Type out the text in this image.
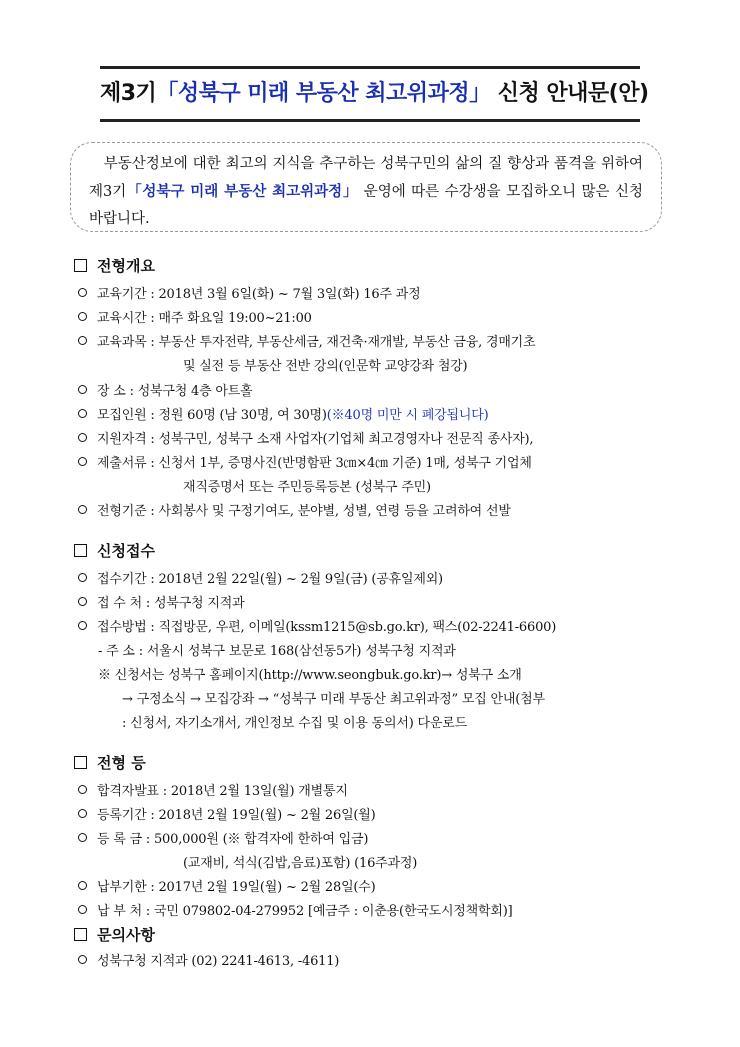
제3기「성북구 미래 부동산 최고위과정」 신청 안내문(안)
부동산정보에 대한 최고의 지식을 추구하는 성북구민의 삶의 질 향상과 품격을 위하여 제3기「성북구 미래 부동산 최고위과정」 운영에 따른 수강생을 모집하오니 많은 신청바랍니다.
전형개요
교육기간 : 2018년 3월 6일(화) ~ 7월 3일(화) 16주 과정
교육시간 : 매주 화요일 19:00~21:00
교육과목 : 부동산 투자전략, 부동산세금, 재건축·재개발, 부동산 금융, 경매기초
및 실전 등 부동산 전반 강의(인문학 교양강좌 첨강)
장 소 : 성북구청 4층 아트홀
모집인원 : 정원 60명 (남 30명, 여 30명)(※40명 미만 시 폐강됩니다)
지원자격 : 성북구민, 성북구 소재 사업자(기업체 최고경영자나 전문직 종사자),
제출서류 : 신청서 1부, 증명사진(반명함판 3㎝×4㎝ 기준) 1매, 성북구 기업체
재직증명서 또는 주민등록등본 (성북구 주민)
전형기준 : 사회봉사 및 구정기여도, 분야별, 성별, 연령 등을 고려하여 선발
신청접수
접수기간 : 2018년 2월 22일(월) ~ 2월 9일(금) (공휴일제외)
접 수 처 : 성북구청 지적과
접수방법 : 직접방문, 우편, 이메일(kssm1215@sb.go.kr), 팩스(02-2241-6600)
- 주 소 : 서울시 성북구 보문로 168(삼선동5가) 성북구청 지적과
※ 신청서는 성북구 홈페이지(http://www.seongbuk.go.kr)→ 성북구 소개
→ 구정소식 → 모집강좌 → “성북구 미래 부동산 최고위과정” 모집 안내(첨부
: 신청서, 자기소개서, 개인정보 수집 및 이용 동의서) 다운로드
전형 등
합격자발표 : 2018년 2월 13일(월) 개별통지
등록기간 : 2018년 2월 19일(월) ~ 2월 26일(월)
등 록 금 : 500,000원 (※ 합격자에 한하여 입금)
(교재비, 석식(김밥,음료)포함) (16주과정)
납부기한 : 2017년 2월 19일(월) ~ 2월 28일(수)
납 부 처 : 국민 079802-04-279952 [예금주 : 이춘용(한국도시정책학회)]
문의사항
성북구청 지적과 (02) 2241-4613, -4611)
